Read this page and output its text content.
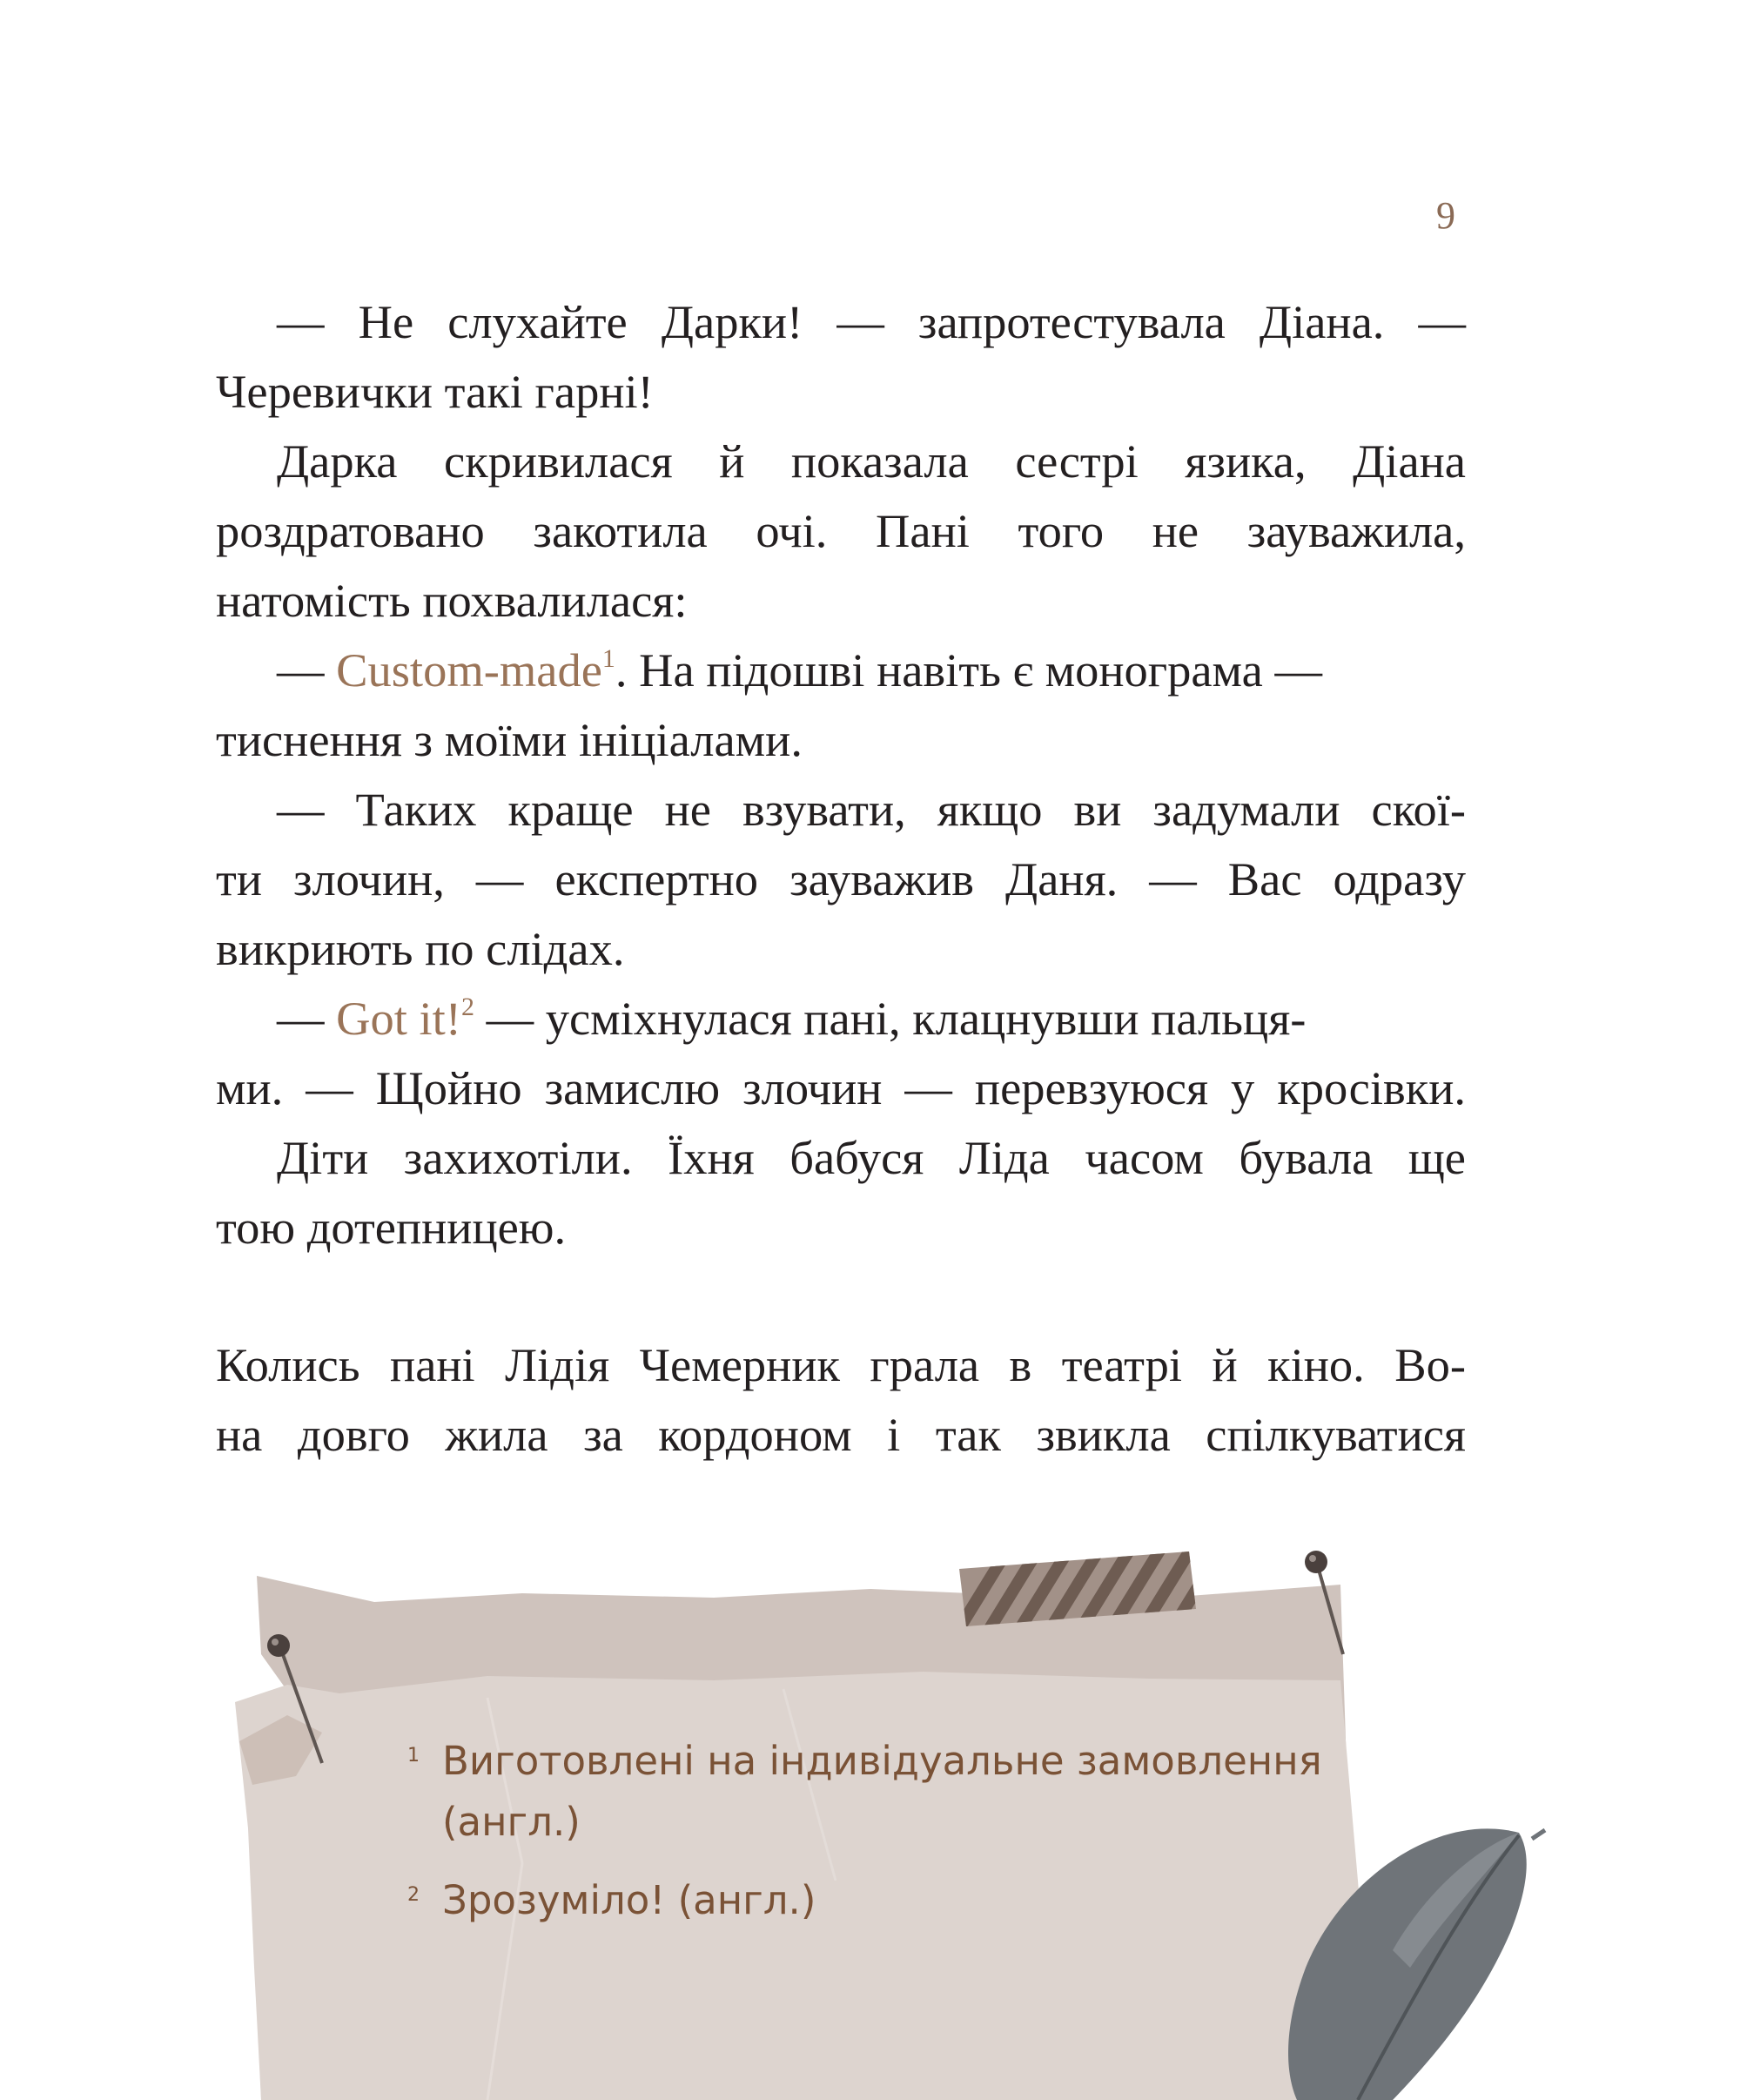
9
— Не слухайте Дарки! — запротестувала Діана. —
Черевички такі гарні!
Дарка скривилася й показала сестрі язика, Діана
роздратовано закотила очі. Пані того не зауважила,
натомість похвалилася:
— Custom-made$^1$. На підошві навіть є монограма —
тиснення з моїми ініціалами.
— Таких краще не взувати, якщо ви задумали скої-
ти злочин, — експертно зауважив Даня. — Вас одразу
викриють по слідах.
— Got it!$^2$ — усміхнулася пані, клацнувши пальця-
ми. — Щойно замислю злочин — перевзуюся у кросівки.
Діти захихотіли. Їхня бабуся Ліда часом бувала ще
тою дотепницею.
Колись пані Лідія Чемерник грала в театрі й кіно. Во-
на довго жила за кордоном і так звикла спілкуватися
1 Виготовлені на індивідуальне замовлення
(англ.)
2 Зрозуміло! (англ.)
